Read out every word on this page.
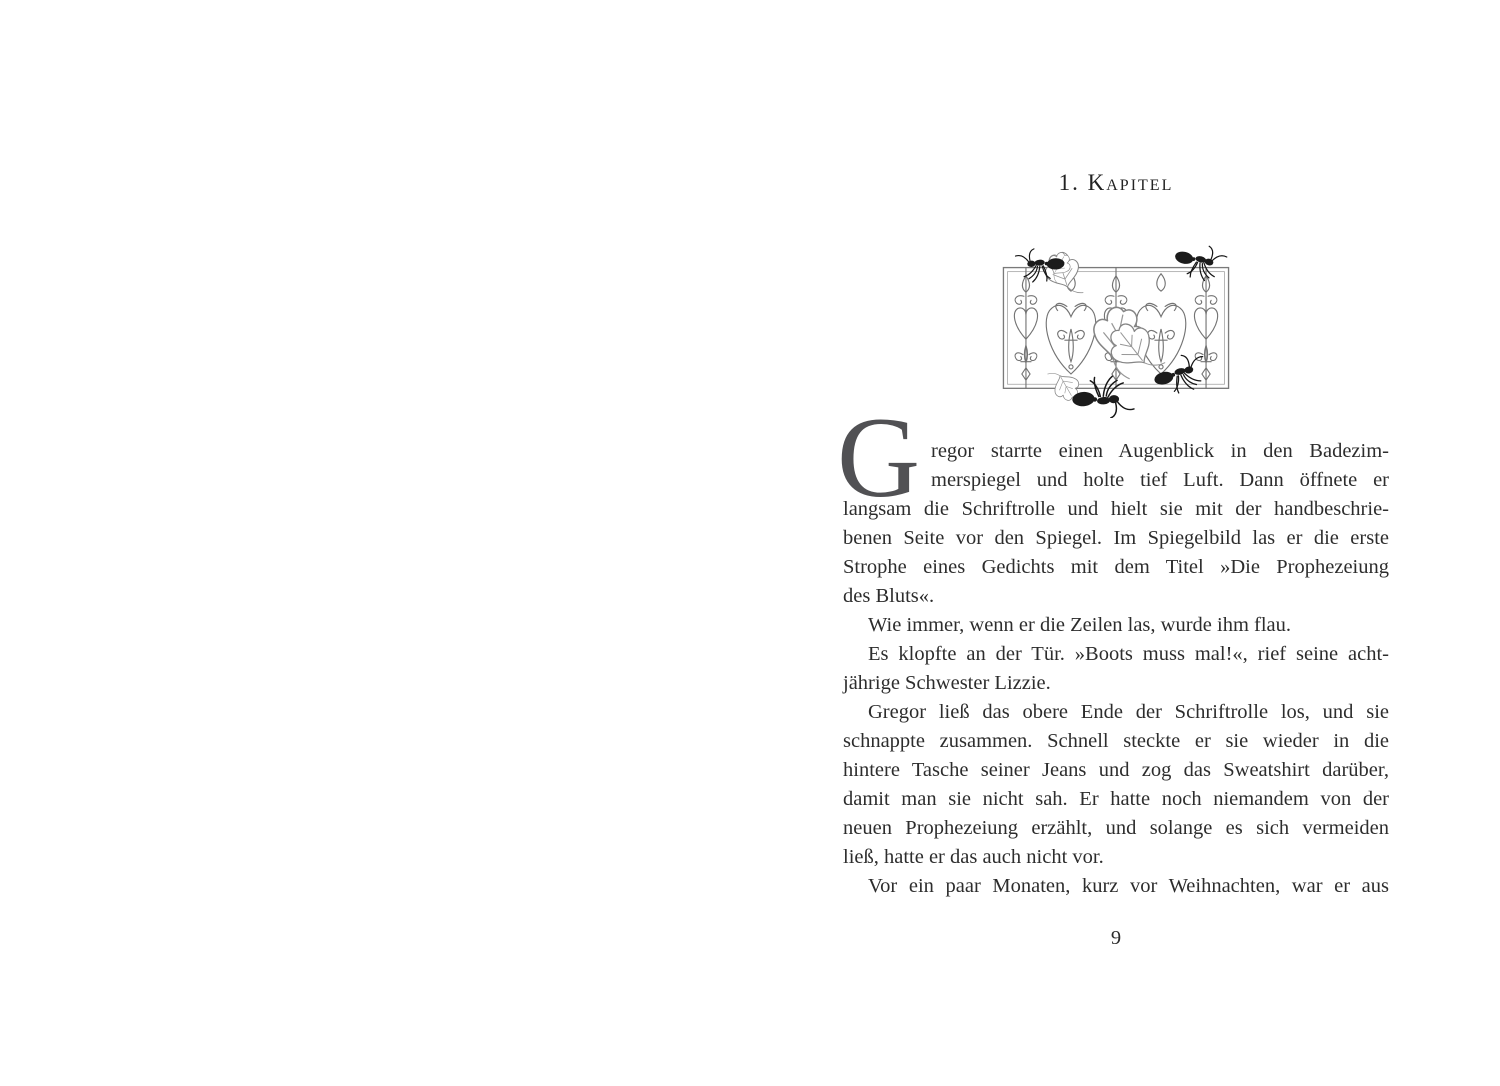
1. Kapitel
G regor starrte einen Augenblick in den Badezim-
merspiegel und holte tief Luft. Dann öffnete er
langsam die Schriftrolle und hielt sie mit der handbeschrie-
benen Seite vor den Spiegel. Im Spiegelbild las er die erste
Strophe eines Gedichts mit dem Titel »Die Prophezeiung
des Bluts«.
Wie immer, wenn er die Zeilen las, wurde ihm flau.
Es klopfte an der Tür. »Boots muss mal!«, rief seine acht-
jährige Schwester Lizzie.
Gregor ließ das obere Ende der Schriftrolle los, und sie
schnappte zusammen. Schnell steckte er sie wieder in die
hintere Tasche seiner Jeans und zog das Sweatshirt darüber,
damit man sie nicht sah. Er hatte noch niemandem von der
neuen Prophezeiung erzählt, und solange es sich vermeiden
ließ, hatte er das auch nicht vor.
Vor ein paar Monaten, kurz vor Weihnachten, war er aus
9
